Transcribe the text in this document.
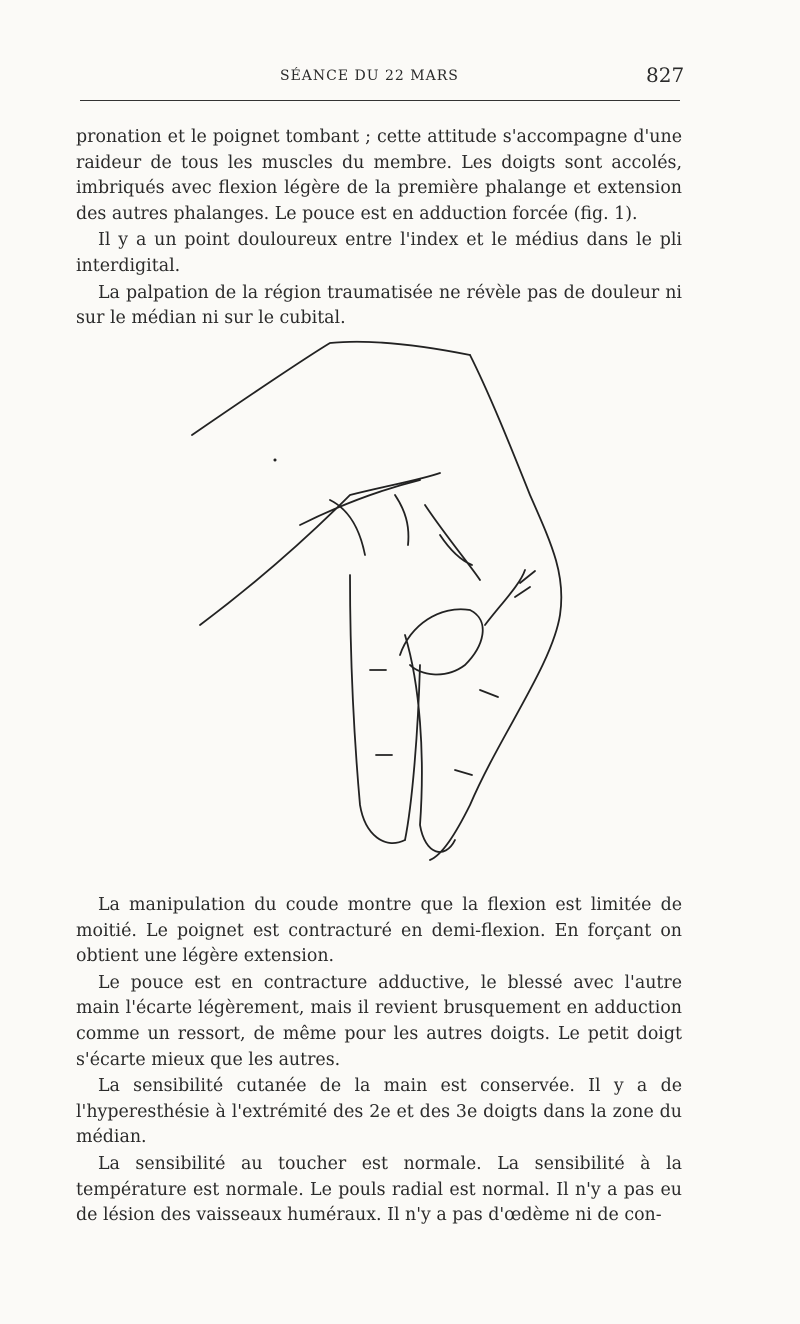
SÉANCE DU 22 MARS	827

pronation et le poignet tombant ; cette attitude s'accompagne d'une raideur de tous les muscles du membre. Les doigts sont accolés, imbriqués avec flexion légère de la première phalange et extension des autres phalanges. Le pouce est en adduction forcée (fig. 1).

Il y a un point douloureux entre l'index et le médius dans le pli interdigital.

La palpation de la région traumatisée ne révèle pas de douleur ni sur le médian ni sur le cubital.

La manipulation du coude montre que la flexion est limitée de moitié. Le poignet est contracturé en demi-flexion. En forçant on obtient une légère extension.

Le pouce est en contracture adductive, le blessé avec l'autre main l'écarte légèrement, mais il revient brusquement en adduction comme un ressort, de même pour les autres doigts. Le petit doigt s'écarte mieux que les autres.

La sensibilité cutanée de la main est conservée. Il y a de l'hyperesthésie à l'extrémité des 2e et des 3e doigts dans la zone du médian.

La sensibilité au toucher est normale. La sensibilité à la température est normale. Le pouls radial est normal. Il n'y a pas eu de lésion des vaisseaux huméraux. Il n'y a pas d'œdème ni de con-
